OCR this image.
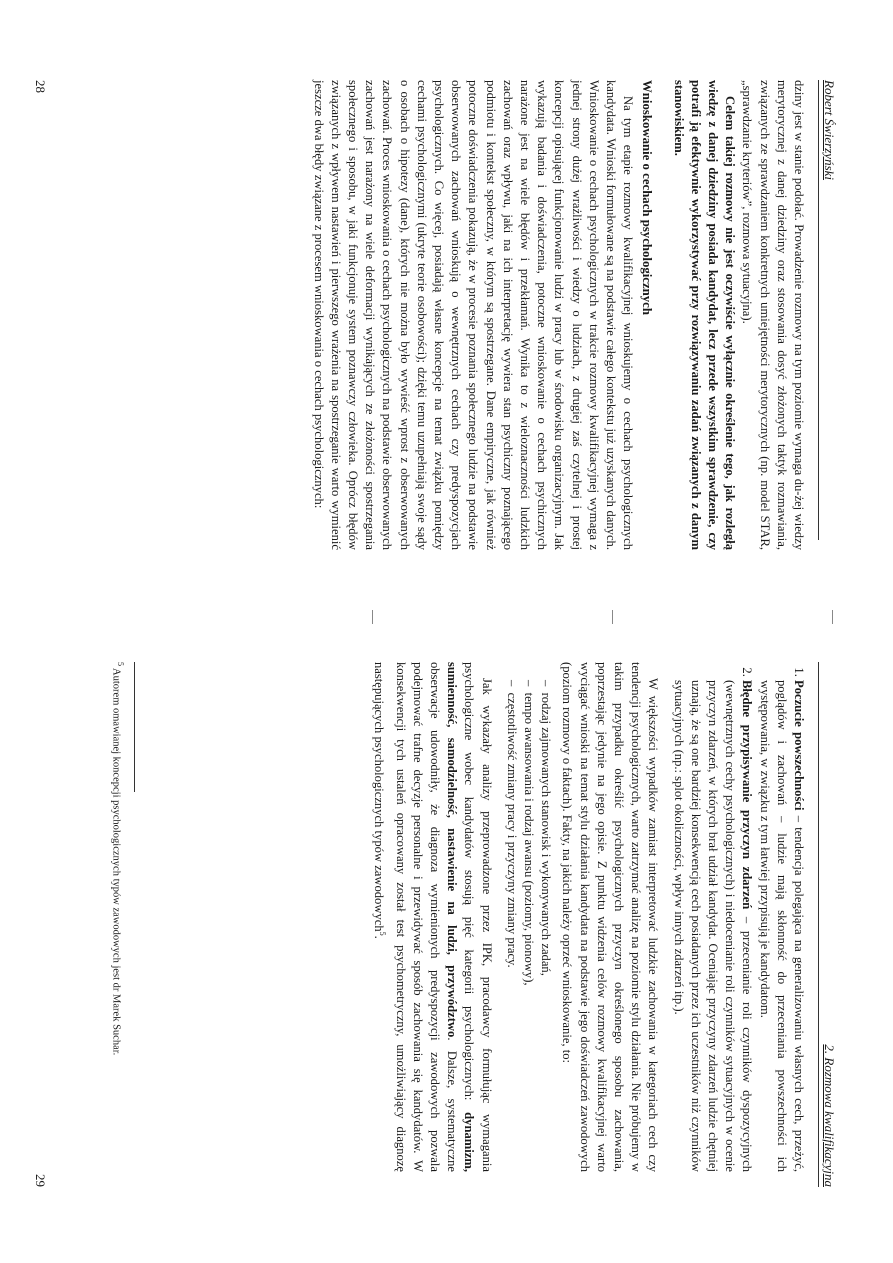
Robert Świerzyński

dziny jest w stanie podołać. Prowadzenie rozmowy na tym poziomie wymaga du-żej wiedzy merytorycznej z danej dziedziny oraz stosowania dosyć złożonych taktyk rozmawiania, związanych ze sprawdzaniem konkretnych umiejętności merytorycznych (np. model STAR, „sprawdzanie kryteriów”, rozmowa sytuacyjna).

Celem takiej rozmowy nie jest oczywiście wyłącznie określenie tego, jak rozległą wiedzę z danej dziedziny posiada kandydat, lecz przede wszystkim sprawdzenie, czy potrafi ją efektywnie wykorzystywać przy rozwiązywaniu zadań związanych z danym stanowiskiem.

Wnioskowanie o cechach psychologicznych

Na tym etapie rozmowy kwalifikacyjnej wnioskujemy o cechach psychologicznych kandydata. Wnioski formułowane są na podstawie całego kontekstu już uzyskanych danych. Wnioskowanie o cechach psychologicznych w trakcie rozmowy kwalifikacyjnej wymaga z jednej strony dużej wrażliwości i wiedzy o ludziach, z drugiej zaś czytelnej i prostej koncepcji opisującej funkcjonowanie ludzi w pracy lub w środowisku organizacyjnym. Jak wykazują badania i doświadczenia, potoczne wnioskowanie o cechach psychicznych narażone jest na wiele błędów i przekłamań. Wynika to z wieloznaczności ludzkich zachowań oraz wpływu, jaki na ich interpretację wywiera stan psychiczny poznającego podmiotu i kontekst społeczny, w którym są spostrzegane. Dane empiryczne, jak również potoczne doświadczenia pokazują, że w procesie poznania społecznego ludzie na podstawie obserwowanych zachowań wnioskują o wewnętrznych cechach czy predyspozycjach psychologicznych. Co więcej, posiadają własne koncepcje na temat związku pomiędzy cechami psychologicznymi (ukryte teorie osobowości); dzięki temu uzupełniają swoje sądy o osobach o hipotezy (dane), których nie można było wywieść wprost z obserwowanych zachowań. Proces wnioskowania o cechach psychologicznych na podstawie obserwowanych zachowań jest narażony na wiele deformacji wynikających ze złożoności spostrzegania społecznego i sposobu, w jaki funkcjonuje system poznawczy człowieka. Oprócz błędów związanych z wpływem nastawień i pierwszego wrażenia na spostrzeganie warto wymienić jeszcze dwa błędy związane z procesem wnioskowania o cechach psychologicznych:

28
2. Rozmowa kwalifikacyjna
1. Poczucie powszechności – tendencja polegająca na generalizowaniu własnych cech, przeżyć, poglądów i zachowań – ludzie mają skłonność do przeceniania powszechności ich występowania, w związku z tym łatwiej przypisują je kandydatom.
2. Błędne przypisywanie przyczyn zdarzeń – przecenianie roli czynników dyspozycyjnych (wewnętrznych cechy psychologicznych) i niedocenianie roli czynników sytuacyjnych w ocenie przyczyn zdarzeń, w których brał udział kandydat. Oceniając przyczyny zdarzeń ludzie chętniej uznają, że są one bardziej konsekwencją cech posiadanych przez ich uczestników niż czynników sytuacyjnych (np.: splot okoliczności, wpływ innych zdarzeń itp.).

W większości wypadków zamiast interpretować ludzkie zachowania w kategoriach cech czy tendencji psychologicznych, warto zatrzymać analizę na poziomie stylu działania. Nie próbujemy w takim przypadku określić psychologicznych przyczyn określonego sposobu zachowania, poprzestając jedynie na jego opisie. Z punktu widzenia celów rozmowy kwalifikacyjnej warto wyciągać wnioski na temat stylu działania kandydata na podstawie jego doświadczeń zawodowych (poziom rozmowy o faktach). Fakty, na jakich należy oprzeć wnioskowanie, to:

–  rodzaj zajmowanych stanowisk i wykonywanych zadań,
–  tempo awansowania i rodzaj awansu (poziomy, pionowy),
–  częstotliwość zmiany pracy i przyczyny zmiany pracy.

Jak wykazały analizy przeprowadzone przez IPK, pracodawcy formułując wymagania psychologiczne wobec kandydatów stosują pięć kategorii psychologicznych: dynamizm, sumienność, samodzielność, nastawienie na ludzi, przywództwo. Dalsze, systematyczne obserwacje udowodniły, że diagnoza wymienionych predyspozycji zawodowych pozwala podejmować trafne decyzje personalne i przewidywać sposób zachowania się kandydatów. W konsekwencji tych ustaleń opracowany został test psychometryczny, umożliwiający diagnozę następujących psychologicznych typów zawodowych$^5$.

$^5$ Autorem omawianej koncepcji psychologicznych typów zawodowych jest dr Marek Suchar.
29
